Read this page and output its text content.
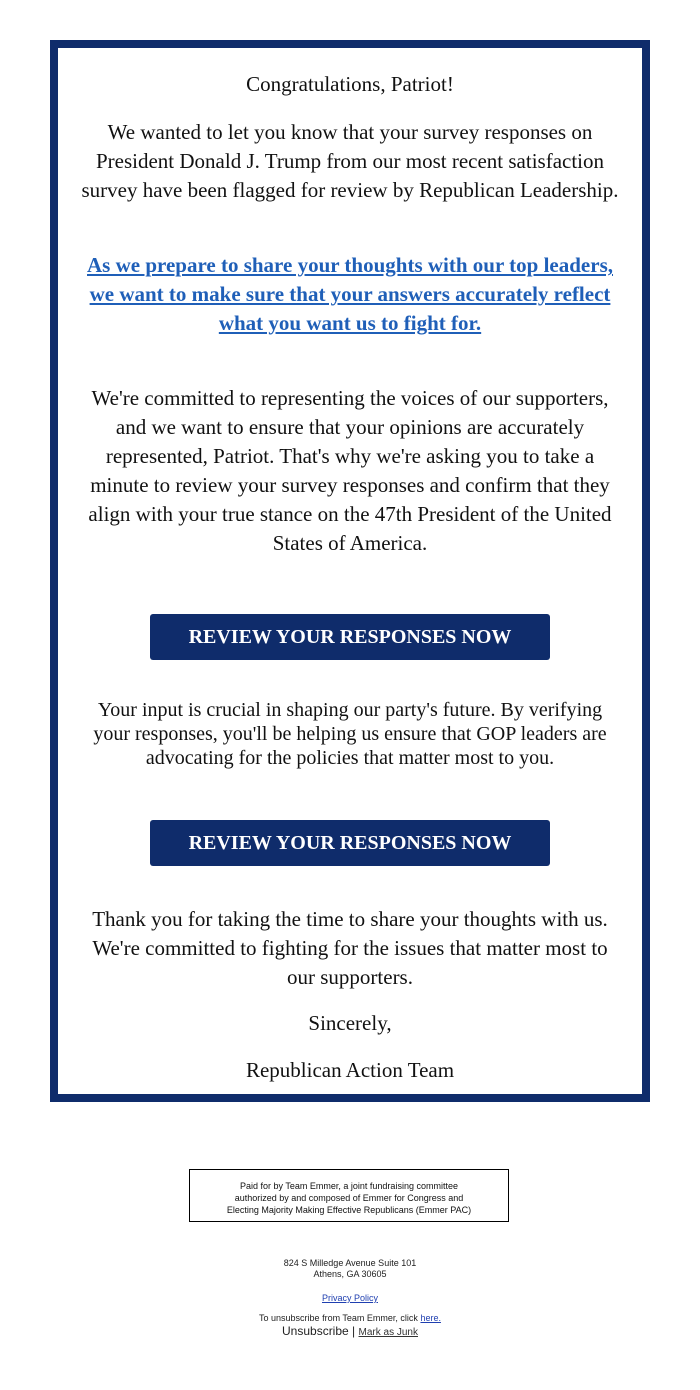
Congratulations, Patriot!

We wanted to let you know that your survey responses on President Donald J. Trump from our most recent satisfaction survey have been flagged for review by Republican Leadership.

As we prepare to share your thoughts with our top leaders, we want to make sure that your answers accurately reflect what you want us to fight for.

We're committed to representing the voices of our supporters, and we want to ensure that your opinions are accurately represented, Patriot. That's why we're asking you to take a minute to review your survey responses and confirm that they align with your true stance on the 47th President of the United States of America.

REVIEW YOUR RESPONSES NOW

Your input is crucial in shaping our party's future. By verifying your responses, you'll be helping us ensure that GOP leaders are advocating for the policies that matter most to you.

REVIEW YOUR RESPONSES NOW

Thank you for taking the time to share your thoughts with us. We're committed to fighting for the issues that matter most to our supporters.

Sincerely,

Republican Action Team

Paid for by Team Emmer, a joint fundraising committee
authorized by and composed of Emmer for Congress and
Electing Majority Making Effective Republicans (Emmer PAC)
824 S Milledge Avenue Suite 101
Athens, GA 30605
Privacy Policy
To unsubscribe from Team Emmer, click here.
Unsubscribe | Mark as Junk
